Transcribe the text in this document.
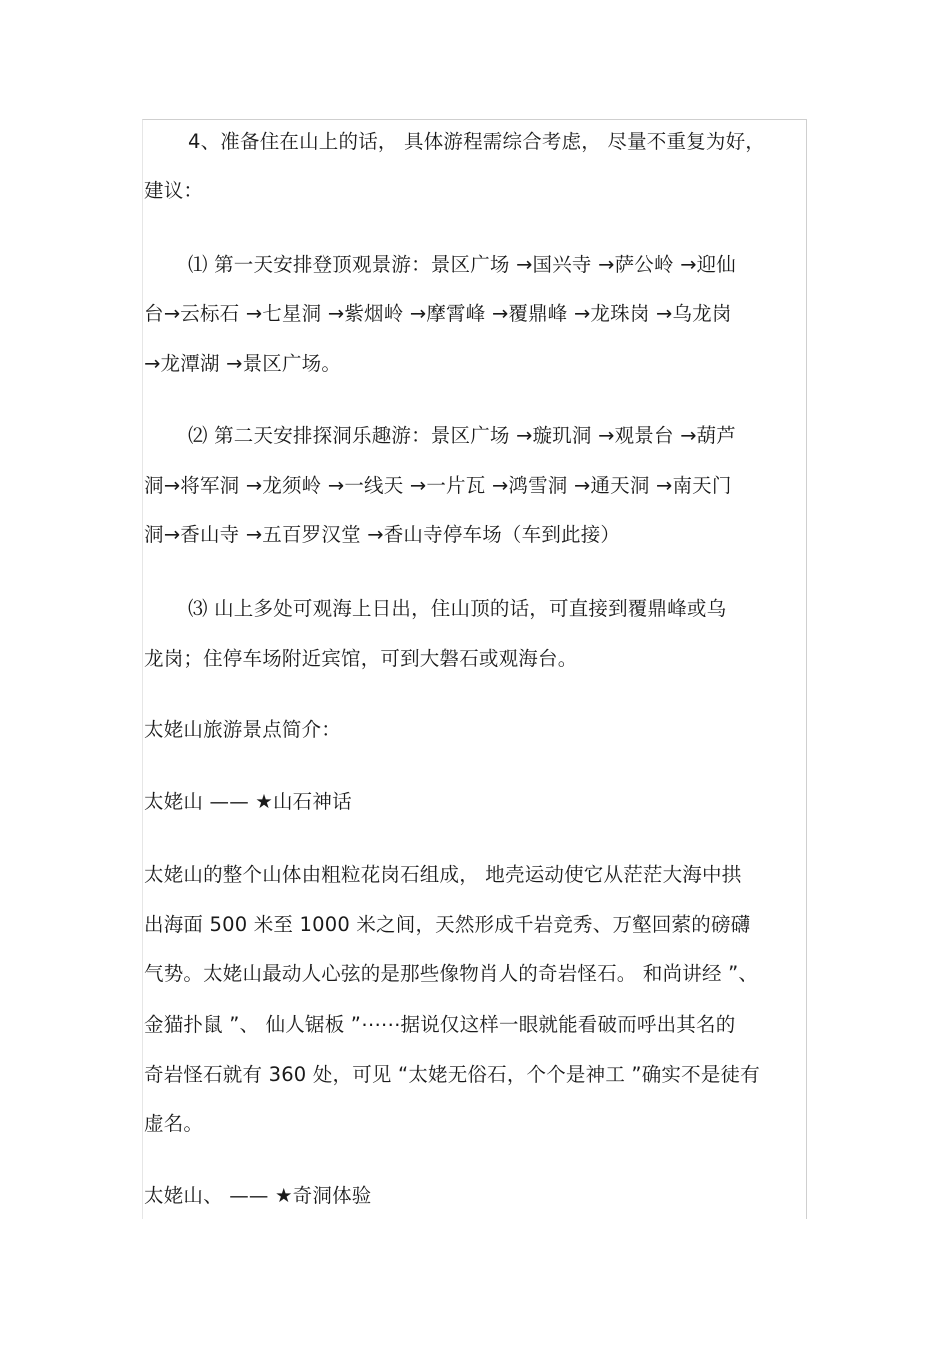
4、准备住在山上的话， 具体游程需综合考虑， 尽量不重复为好，
建议：
⑴ 第一天安排登顶观景游：景区广场 →国兴寺 →萨公岭 →迎仙
台→云标石 →七星洞 →紫烟岭 →摩霄峰 →覆鼎峰 →龙珠岗 →乌龙岗
→龙潭湖 →景区广场。
⑵ 第二天安排探洞乐趣游：景区广场 →璇玑洞 →观景台 →葫芦
洞→将军洞 →龙须岭 →一线天 →一片瓦 →鸿雪洞 →通天洞 →南天门
洞→香山寺 →五百罗汉堂 →香山寺停车场（车到此接）
⑶ 山上多处可观海上日出，住山顶的话，可直接到覆鼎峰或乌
龙岗；住停车场附近宾馆，可到大磐石或观海台。
太姥山旅游景点简介：
太姥山 —— ★山石神话
太姥山的整个山体由粗粒花岗石组成， 地壳运动使它从茫茫大海中拱
出海面 500 米至 1000 米之间，天然形成千岩竞秀、万壑回萦的磅礴
气势。太姥山最动人心弦的是那些像物肖人的奇岩怪石。 和尚讲经 ”、
金猫扑鼠 ”、 仙人锯板 ”⋯⋯据说仅这样一眼就能看破而呼出其名的
奇岩怪石就有 360 处，可见 “太姥无俗石，个个是神工 ”确实不是徒有
虚名。
太姥山、 —— ★奇洞体验
